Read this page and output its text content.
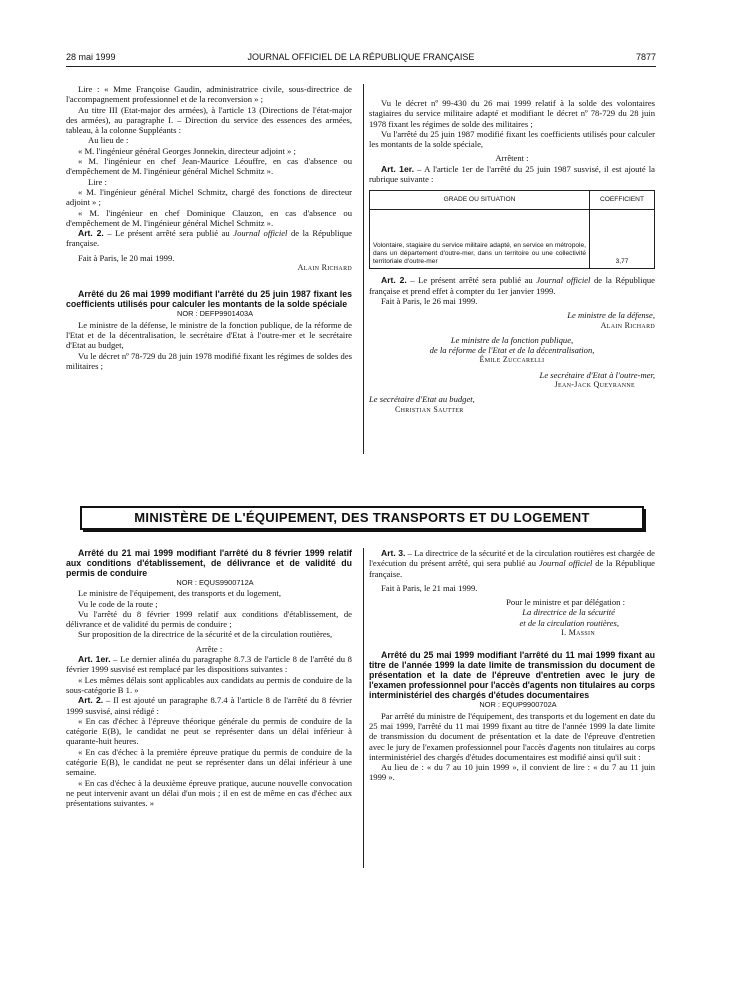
28 mai 1999	JOURNAL OFFICIEL DE LA RÉPUBLIQUE FRANÇAISE	7877

Lire : « Mme Françoise Gaudin, administratrice civile, sous-directrice de l'accompagnement professionnel et de la reconversion » ;

Au titre III (Etat-major des armées), à l'article 13 (Directions de l'état-major des armées), au paragraphe I. – Direction du service des essences des armées, tableau, à la colonne Suppléants :

Au lieu de :

« M. l'ingénieur général Georges Jonnekin, directeur adjoint » ;

« M. l'ingénieur en chef Jean-Maurice Léouffre, en cas d'absence ou d'empêchement de M. l'ingénieur général Michel Schmitz ».

Lire :

« M. l'ingénieur général Michel Schmitz, chargé des fonctions de directeur adjoint » ;

« M. l'ingénieur en chef Dominique Clauzon, en cas d'absence ou d'empêchement de M. l'ingénieur général Michel Schmitz ».

Art. 2. – Le présent arrêté sera publié au Journal officiel de la République française.

Fait à Paris, le 20 mai 1999.

Alain Richard

Arrêté du 26 mai 1999 modifiant l'arrêté du 25 juin 1987 fixant les coefficients utilisés pour calculer les montants de la solde spéciale

NOR : DEFP9901403A

Le ministre de la défense, le ministre de la fonction publique, de la réforme de l'Etat et de la décentralisation, le secrétaire d'Etat à l'outre-mer et le secrétaire d'Etat au budget,

Vu le décret nº 78-729 du 28 juin 1978 modifié fixant les régimes de soldes des militaires ;

Vu le décret nº 99-430 du 26 mai 1999 relatif à la solde des volontaires stagiaires du service militaire adapté et modifiant le décret nº 78-729 du 28 juin 1978 fixant les régimes de solde des militaires ;

Vu l'arrêté du 25 juin 1987 modifié fixant les coefficients utilisés pour calculer les montants de la solde spéciale,

Arrêtent :

Art. 1er. – A l'article 1er de l'arrêté du 25 juin 1987 susvisé, il est ajouté la rubrique suivante :

GRADE OU SITUATION	COEFFICIENT
Volontaire, stagiaire du service militaire adapté, en service en métropole, dans un département d'outre-mer, dans un territoire ou une collectivité territoriale d'outre-mer	3,77

Art. 2. – Le présent arrêté sera publié au Journal officiel de la République française et prend effet à compter du 1er janvier 1999.

Fait à Paris, le 26 mai 1999.

Le ministre de la défense,

Alain Richard

Le ministre de la fonction publique,

de la réforme de l'Etat et de la décentralisation,

Émile Zuccarelli

Le secrétaire d'Etat à l'outre-mer,

Jean-Jack Queyranne

Le secrétaire d'Etat au budget,

Christian Sautter

MINISTÈRE DE L'ÉQUIPEMENT, DES TRANSPORTS ET DU LOGEMENT

Arrêté du 21 mai 1999 modifiant l'arrêté du 8 février 1999 relatif aux conditions d'établissement, de délivrance et de validité du permis de conduire

NOR : EQUS9900712A

Le ministre de l'équipement, des transports et du logement,

Vu le code de la route ;

Vu l'arrêté du 8 février 1999 relatif aux conditions d'établissement, de délivrance et de validité du permis de conduire ;

Sur proposition de la directrice de la sécurité et de la circulation routières,

Arrête :

Art. 1er. – Le dernier alinéa du paragraphe 8.7.3 de l'article 8 de l'arrêté du 8 février 1999 susvisé est remplacé par les dispositions suivantes :

« Les mêmes délais sont applicables aux candidats au permis de conduire de la sous-catégorie B 1. »

Art. 2. – Il est ajouté un paragraphe 8.7.4 à l'article 8 de l'arrêté du 8 février 1999 susvisé, ainsi rédigé :

« En cas d'échec à l'épreuve théorique générale du permis de conduire de la catégorie E(B), le candidat ne peut se représenter dans un délai inférieur à quarante-huit heures.

« En cas d'échec à la première épreuve pratique du permis de conduire de la catégorie E(B), le candidat ne peut se représenter dans un délai inférieur à une semaine.

« En cas d'échec à la deuxième épreuve pratique, aucune nouvelle convocation ne peut intervenir avant un délai d'un mois ; il en est de même en cas d'échec aux présentations suivantes. »

Art. 3. – La directrice de la sécurité et de la circulation routières est chargée de l'exécution du présent arrêté, qui sera publié au Journal officiel de la République française.

Fait à Paris, le 21 mai 1999.

Pour le ministre et par délégation :

La directrice de la sécurité

et de la circulation routières,

I. Massin

Arrêté du 25 mai 1999 modifiant l'arrêté du 11 mai 1999 fixant au titre de l'année 1999 la date limite de transmission du document de présentation et la date de l'épreuve d'entretien avec le jury de l'examen professionnel pour l'accès d'agents non titulaires au corps interministériel des chargés d'études documentaires

NOR : EQUP9900702A

Par arrêté du ministre de l'équipement, des transports et du logement en date du 25 mai 1999, l'arrêté du 11 mai 1999 fixant au titre de l'année 1999 la date limite de transmission du document de présentation et la date de l'épreuve d'entretien avec le jury de l'examen professionnel pour l'accès d'agents non titulaires au corps interministériel des chargés d'études documentaires est modifié ainsi qu'il suit :

Au lieu de : « du 7 au 10 juin 1999 », il convient de lire : « du 7 au 11 juin 1999 ».
